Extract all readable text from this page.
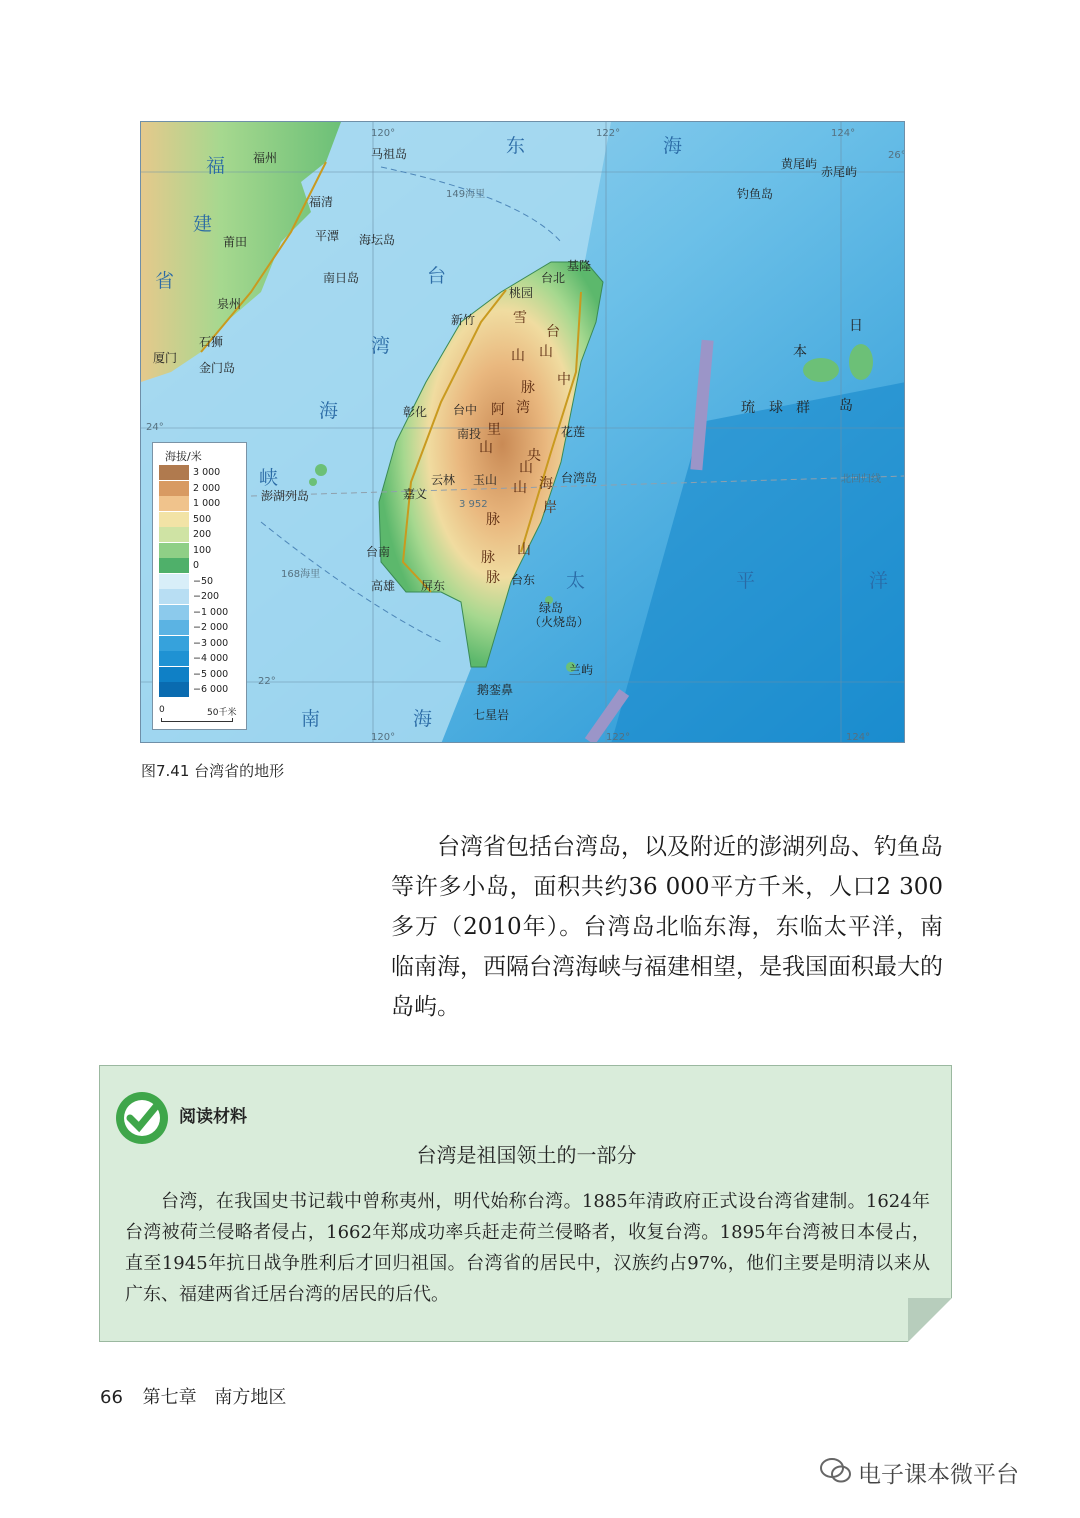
东	海
台
湾
海
峡
南	海
太	平	洋
120°	122°	124°
26°
24°
22°
120°	122°	124°
149海里
168海里
北回归线
福
建
省
福州	马祖岛
福清
莆田	平潭 海坛岛
南日岛
泉州
石狮
厦门
金门岛
澎湖列岛
基隆
台北
桃园
新竹
台中
彰化
南投
云林
嘉义
玉山
台南
高雄 屏东	台东
花莲
台湾岛
绿岛
（火烧岛）
兰屿
鹅銮鼻
七星岩
黄尾屿
赤尾屿
钓鱼岛
台
湾
山
脉
雪
山
山
脉
阿
里
山
中
央
山
脉
海
岸
山
脉
3 952
日
本
琉 球 群 岛
海拔/米
3 000
2 000
1 000
500
200
100
0
−50
−200
−1 000
−2 000
−3 000
−4 000
−5 000
−6 000
0	50千米
图7.41 台湾省的地形
台湾省包括台湾岛，以及附近的澎湖列岛、钓鱼岛等许多小岛，面积共约36 000平方千米，人口2 300多万（2010年）。台湾岛北临东海，东临太平洋，南临南海，西隔台湾海峡与福建相望，是我国面积最大的岛屿。
阅读材料
台湾是祖国领土的一部分
台湾，在我国史书记载中曾称夷州，明代始称台湾。1885年清政府正式设台湾省建制。1624年台湾被荷兰侵略者侵占，1662年郑成功率兵赶走荷兰侵略者，收复台湾。1895年台湾被日本侵占，直至1945年抗日战争胜利后才回归祖国。台湾省的居民中，汉族约占97%，他们主要是明清以来从广东、福建两省迁居台湾的居民的后代。
66 第七章 南方地区
电子课本微平台
